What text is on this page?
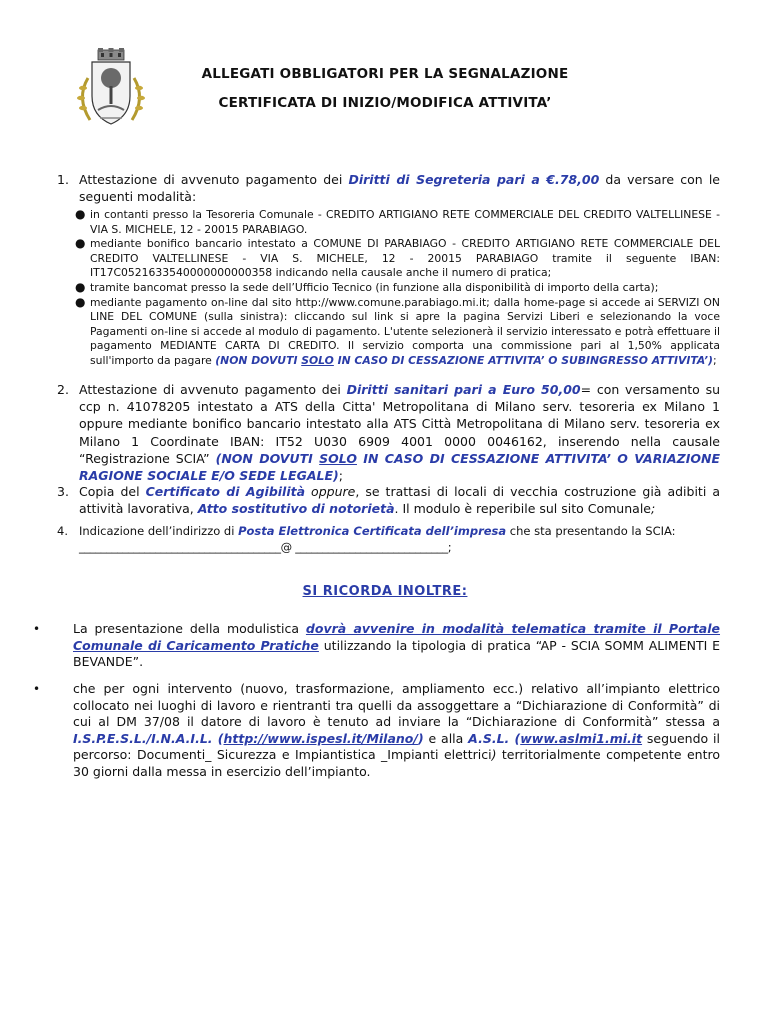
ALLEGATI OBBLIGATORI PER LA SEGNALAZIONE
CERTIFICATA DI INIZIO/MODIFICA ATTIVITA’
1. Attestazione di avvenuto pagamento dei Diritti di Segreteria pari a €.78,00 da versare con le seguenti modalità:
● in contanti presso la Tesoreria Comunale - CREDITO ARTIGIANO RETE COMMERCIALE DEL CREDITO VALTELLINESE - VIA S. MICHELE, 12 - 20015 PARABIAGO.
● mediante bonifico bancario intestato a COMUNE DI PARABIAGO - CREDITO ARTIGIANO RETE COMMERCIALE DEL CREDITO VALTELLINESE - VIA S. MICHELE, 12 - 20015 PARABIAGO tramite il seguente IBAN: IT17C0521633540000000000358 indicando nella causale anche il numero di pratica;
● tramite bancomat presso la sede dell’Ufficio Tecnico (in funzione alla disponibilità di importo della carta);
● mediante pagamento on-line dal sito http://www.comune.parabiago.mi.it; dalla home-page si accede ai SERVIZI ON LINE DEL COMUNE (sulla sinistra): cliccando sul link si apre la pagina Servizi Liberi e selezionando la voce Pagamenti on-line si accede al modulo di pagamento. L'utente selezionerà il servizio interessato e potrà effettuare il pagamento MEDIANTE CARTA DI CREDITO. Il servizio comporta una commissione pari al 1,50% applicata sull'importo da pagare (NON DOVUTI SOLO IN CASO DI CESSAZIONE ATTIVITA’ O SUBINGRESSO ATTIVITA’);
2. Attestazione di avvenuto pagamento dei Diritti sanitari pari a Euro 50,00= con versamento su ccp n. 41078205 intestato a ATS della Citta' Metropolitana di Milano serv. tesoreria ex Milano 1 oppure mediante bonifico bancario intestato alla ATS Città Metropolitana di Milano serv. tesoreria ex Milano 1 Coordinate IBAN: IT52 U030 6909 4001 0000 0046162, inserendo nella causale “Registrazione SCIA” (NON DOVUTI SOLO IN CASO DI CESSAZIONE ATTIVITA’ O VARIAZIONE RAGIONE SOCIALE E/O SEDE LEGALE);
3. Copia del Certificato di Agibilità oppure, se trattasi di locali di vecchia costruzione già adibiti a attività lavorativa, Atto sostitutivo di notorietà. Il modulo è reperibile sul sito Comunale;
4. Indicazione dell’indirizzo di Posta Elettronica Certificata dell’impresa che sta presentando la SCIA:
_____________________________________@ ____________________________;
SI RICORDA INOLTRE:
•	La presentazione della modulistica dovrà avvenire in modalità telematica tramite il Portale Comunale di Caricamento Pratiche utilizzando la tipologia di pratica “AP - SCIA SOMM ALIMENTI E BEVANDE”.
•	che per ogni intervento (nuovo, trasformazione, ampliamento ecc.) relativo all’impianto elettrico collocato nei luoghi di lavoro e rientranti tra quelli da assoggettare a “Dichiarazione di Conformità” di cui al DM 37/08 il datore di lavoro è tenuto ad inviare la “Dichiarazione di Conformità” stessa a I.S.P.E.S.L./I.N.A.I.L. (http://www.ispesl.it/Milano/) e alla A.S.L. (www.aslmi1.mi.it seguendo il percorso: Documenti_ Sicurezza e Impiantistica _Impianti elettrici) territorialmente competente entro 30 giorni dalla messa in esercizio dell’impianto.
